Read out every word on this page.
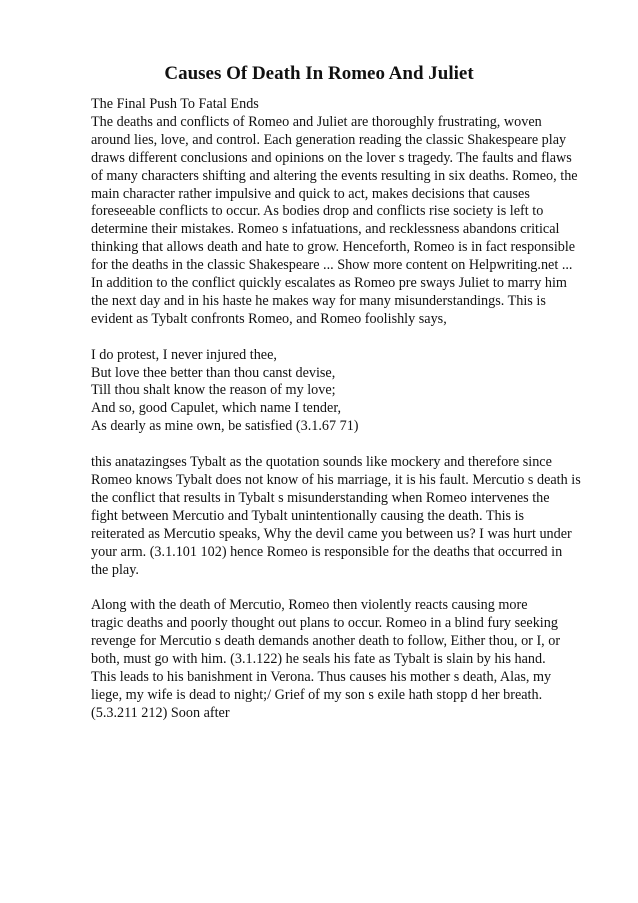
Causes Of Death In Romeo And Juliet
The Final Push To Fatal Ends
The deaths and conflicts of Romeo and Juliet are thoroughly frustrating, woven
around lies, love, and control. Each generation reading the classic Shakespeare play
draws different conclusions and opinions on the lover s tragedy. The faults and flaws
of many characters shifting and altering the events resulting in six deaths. Romeo, the
main character rather impulsive and quick to act, makes decisions that causes
foreseeable conflicts to occur. As bodies drop and conflicts rise society is left to
determine their mistakes. Romeo s infatuations, and recklessness abandons critical
thinking that allows death and hate to grow. Henceforth, Romeo is in fact responsible
for the deaths in the classic Shakespeare ... Show more content on Helpwriting.net ...
In addition to the conflict quickly escalates as Romeo pre sways Juliet to marry him
the next day and in his haste he makes way for many misunderstandings. This is
evident as Tybalt confronts Romeo, and Romeo foolishly says,
I do protest, I never injured thee,
But love thee better than thou canst devise,
Till thou shalt know the reason of my love;
And so, good Capulet, which name I tender,
As dearly as mine own, be satisfied (3.1.67 71)
this anatazingses Tybalt as the quotation sounds like mockery and therefore since
Romeo knows Tybalt does not know of his marriage, it is his fault. Mercutio s death is
the conflict that results in Tybalt s misunderstanding when Romeo intervenes the
fight between Mercutio and Tybalt unintentionally causing the death. This is
reiterated as Mercutio speaks, Why the devil came you between us? I was hurt under
your arm. (3.1.101 102) hence Romeo is responsible for the deaths that occurred in
the play.
Along with the death of Mercutio, Romeo then violently reacts causing more
tragic deaths and poorly thought out plans to occur. Romeo in a blind fury seeking
revenge for Mercutio s death demands another death to follow, Either thou, or I, or
both, must go with him. (3.1.122) he seals his fate as Tybalt is slain by his hand.
This leads to his banishment in Verona. Thus causes his mother s death, Alas, my
liege, my wife is dead to night;/ Grief of my son s exile hath stopp d her breath.
(5.3.211 212) Soon after
